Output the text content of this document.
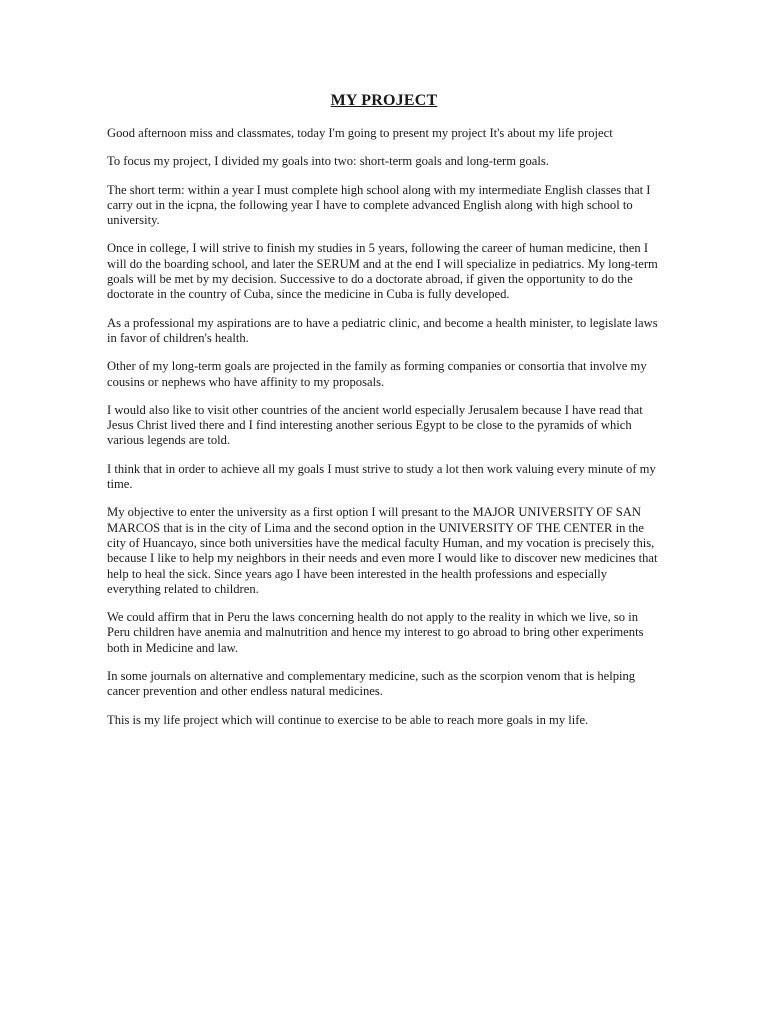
MY PROJECT

Good afternoon miss and classmates, today I'm going to present my project It's about my life project

To focus my project, I divided my goals into two: short-term goals and long-term goals.

The short term: within a year I must complete high school along with my intermediate English classes that I carry out in the icpna, the following year I have to complete advanced English along with high school to university.

Once in college, I will strive to finish my studies in 5 years, following the career of human medicine, then I will do the boarding school, and later the SERUM and at the end I will specialize in pediatrics. My long-term goals will be met by my decision. Successive to do a doctorate abroad, if given the opportunity to do the doctorate in the country of Cuba, since the medicine in Cuba is fully developed.

As a professional my aspirations are to have a pediatric clinic, and become a health minister, to legislate laws in favor of children's health.

Other of my long-term goals are projected in the family as forming companies or consortia that involve my cousins or nephews who have affinity to my proposals.

I would also like to visit other countries of the ancient world especially Jerusalem because I have read that Jesus Christ lived there and I find interesting another serious Egypt to be close to the pyramids of which various legends are told.

I think that in order to achieve all my goals I must strive to study a lot then work valuing every minute of my time.

My objective to enter the university as a first option I will presant to the MAJOR UNIVERSITY OF SAN MARCOS that is in the city of Lima and the second option in the UNIVERSITY OF THE CENTER in the city of Huancayo, since both universities have the medical faculty Human, and my vocation is precisely this, because I like to help my neighbors in their needs and even more I would like to discover new medicines that help to heal the sick. Since years ago I have been interested in the health professions and especially everything related to children.

We could affirm that in Peru the laws concerning health do not apply to the reality in which we live, so in Peru children have anemia and malnutrition and hence my interest to go abroad to bring other experiments both in Medicine and law.

In some journals on alternative and complementary medicine, such as the scorpion venom that is helping cancer prevention and other endless natural medicines.

This is my life project which will continue to exercise to be able to reach more goals in my life.
